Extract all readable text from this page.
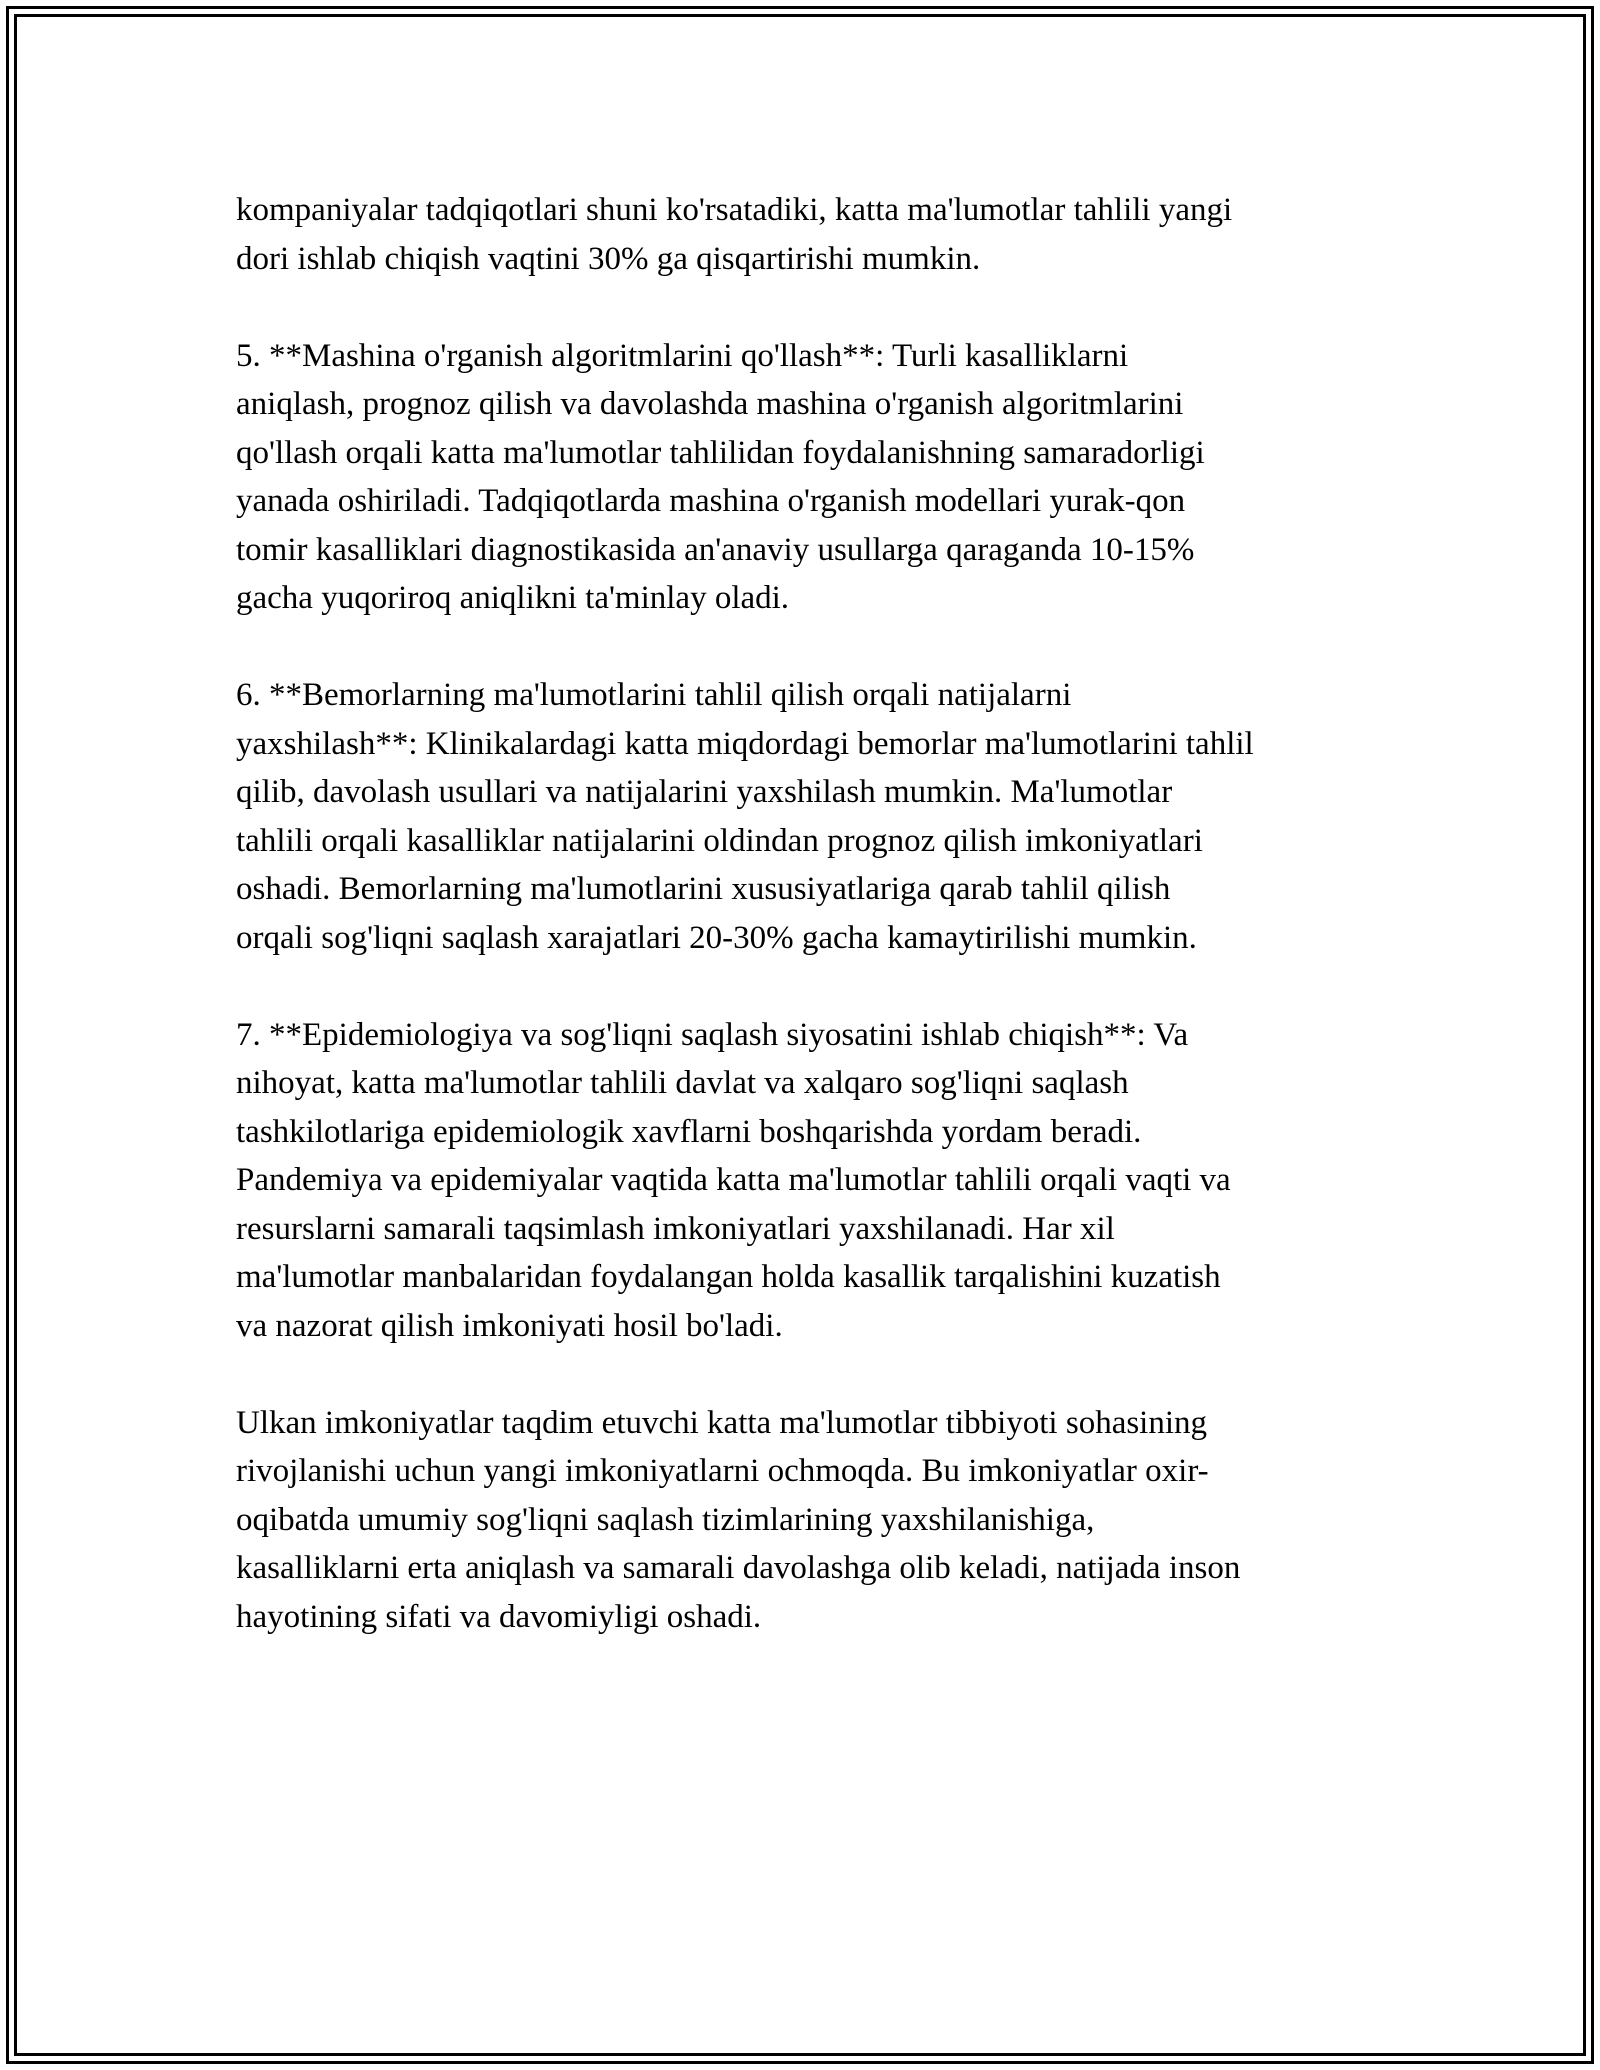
kompaniyalar tadqiqotlari shuni ko'rsatadiki, katta ma'lumotlar tahlili yangi
dori ishlab chiqish vaqtini 30% ga qisqartirishi mumkin.

5. **Mashina o'rganish algoritmlarini qo'llash**: Turli kasalliklarni
aniqlash, prognoz qilish va davolashda mashina o'rganish algoritmlarini
qo'llash orqali katta ma'lumotlar tahlilidan foydalanishning samaradorligi
yanada oshiriladi. Tadqiqotlarda mashina o'rganish modellari yurak-qon
tomir kasalliklari diagnostikasida an'anaviy usullarga qaraganda 10-15%
gacha yuqoriroq aniqlikni ta'minlay oladi.

6. **Bemorlarning ma'lumotlarini tahlil qilish orqali natijalarni
yaxshilash**: Klinikalardagi katta miqdordagi bemorlar ma'lumotlarini tahlil
qilib, davolash usullari va natijalarini yaxshilash mumkin. Ma'lumotlar
tahlili orqali kasalliklar natijalarini oldindan prognoz qilish imkoniyatlari
oshadi. Bemorlarning ma'lumotlarini xususiyatlariga qarab tahlil qilish
orqali sog'liqni saqlash xarajatlari 20-30% gacha kamaytirilishi mumkin.

7. **Epidemiologiya va sog'liqni saqlash siyosatini ishlab chiqish**: Va
nihoyat, katta ma'lumotlar tahlili davlat va xalqaro sog'liqni saqlash
tashkilotlariga epidemiologik xavflarni boshqarishda yordam beradi.
Pandemiya va epidemiyalar vaqtida katta ma'lumotlar tahlili orqali vaqti va
resurslarni samarali taqsimlash imkoniyatlari yaxshilanadi. Har xil
ma'lumotlar manbalaridan foydalangan holda kasallik tarqalishini kuzatish
va nazorat qilish imkoniyati hosil bo'ladi.

Ulkan imkoniyatlar taqdim etuvchi katta ma'lumotlar tibbiyoti sohasining
rivojlanishi uchun yangi imkoniyatlarni ochmoqda. Bu imkoniyatlar oxir-
oqibatda umumiy sog'liqni saqlash tizimlarining yaxshilanishiga,
kasalliklarni erta aniqlash va samarali davolashga olib keladi, natijada inson
hayotining sifati va davomiyligi oshadi.
